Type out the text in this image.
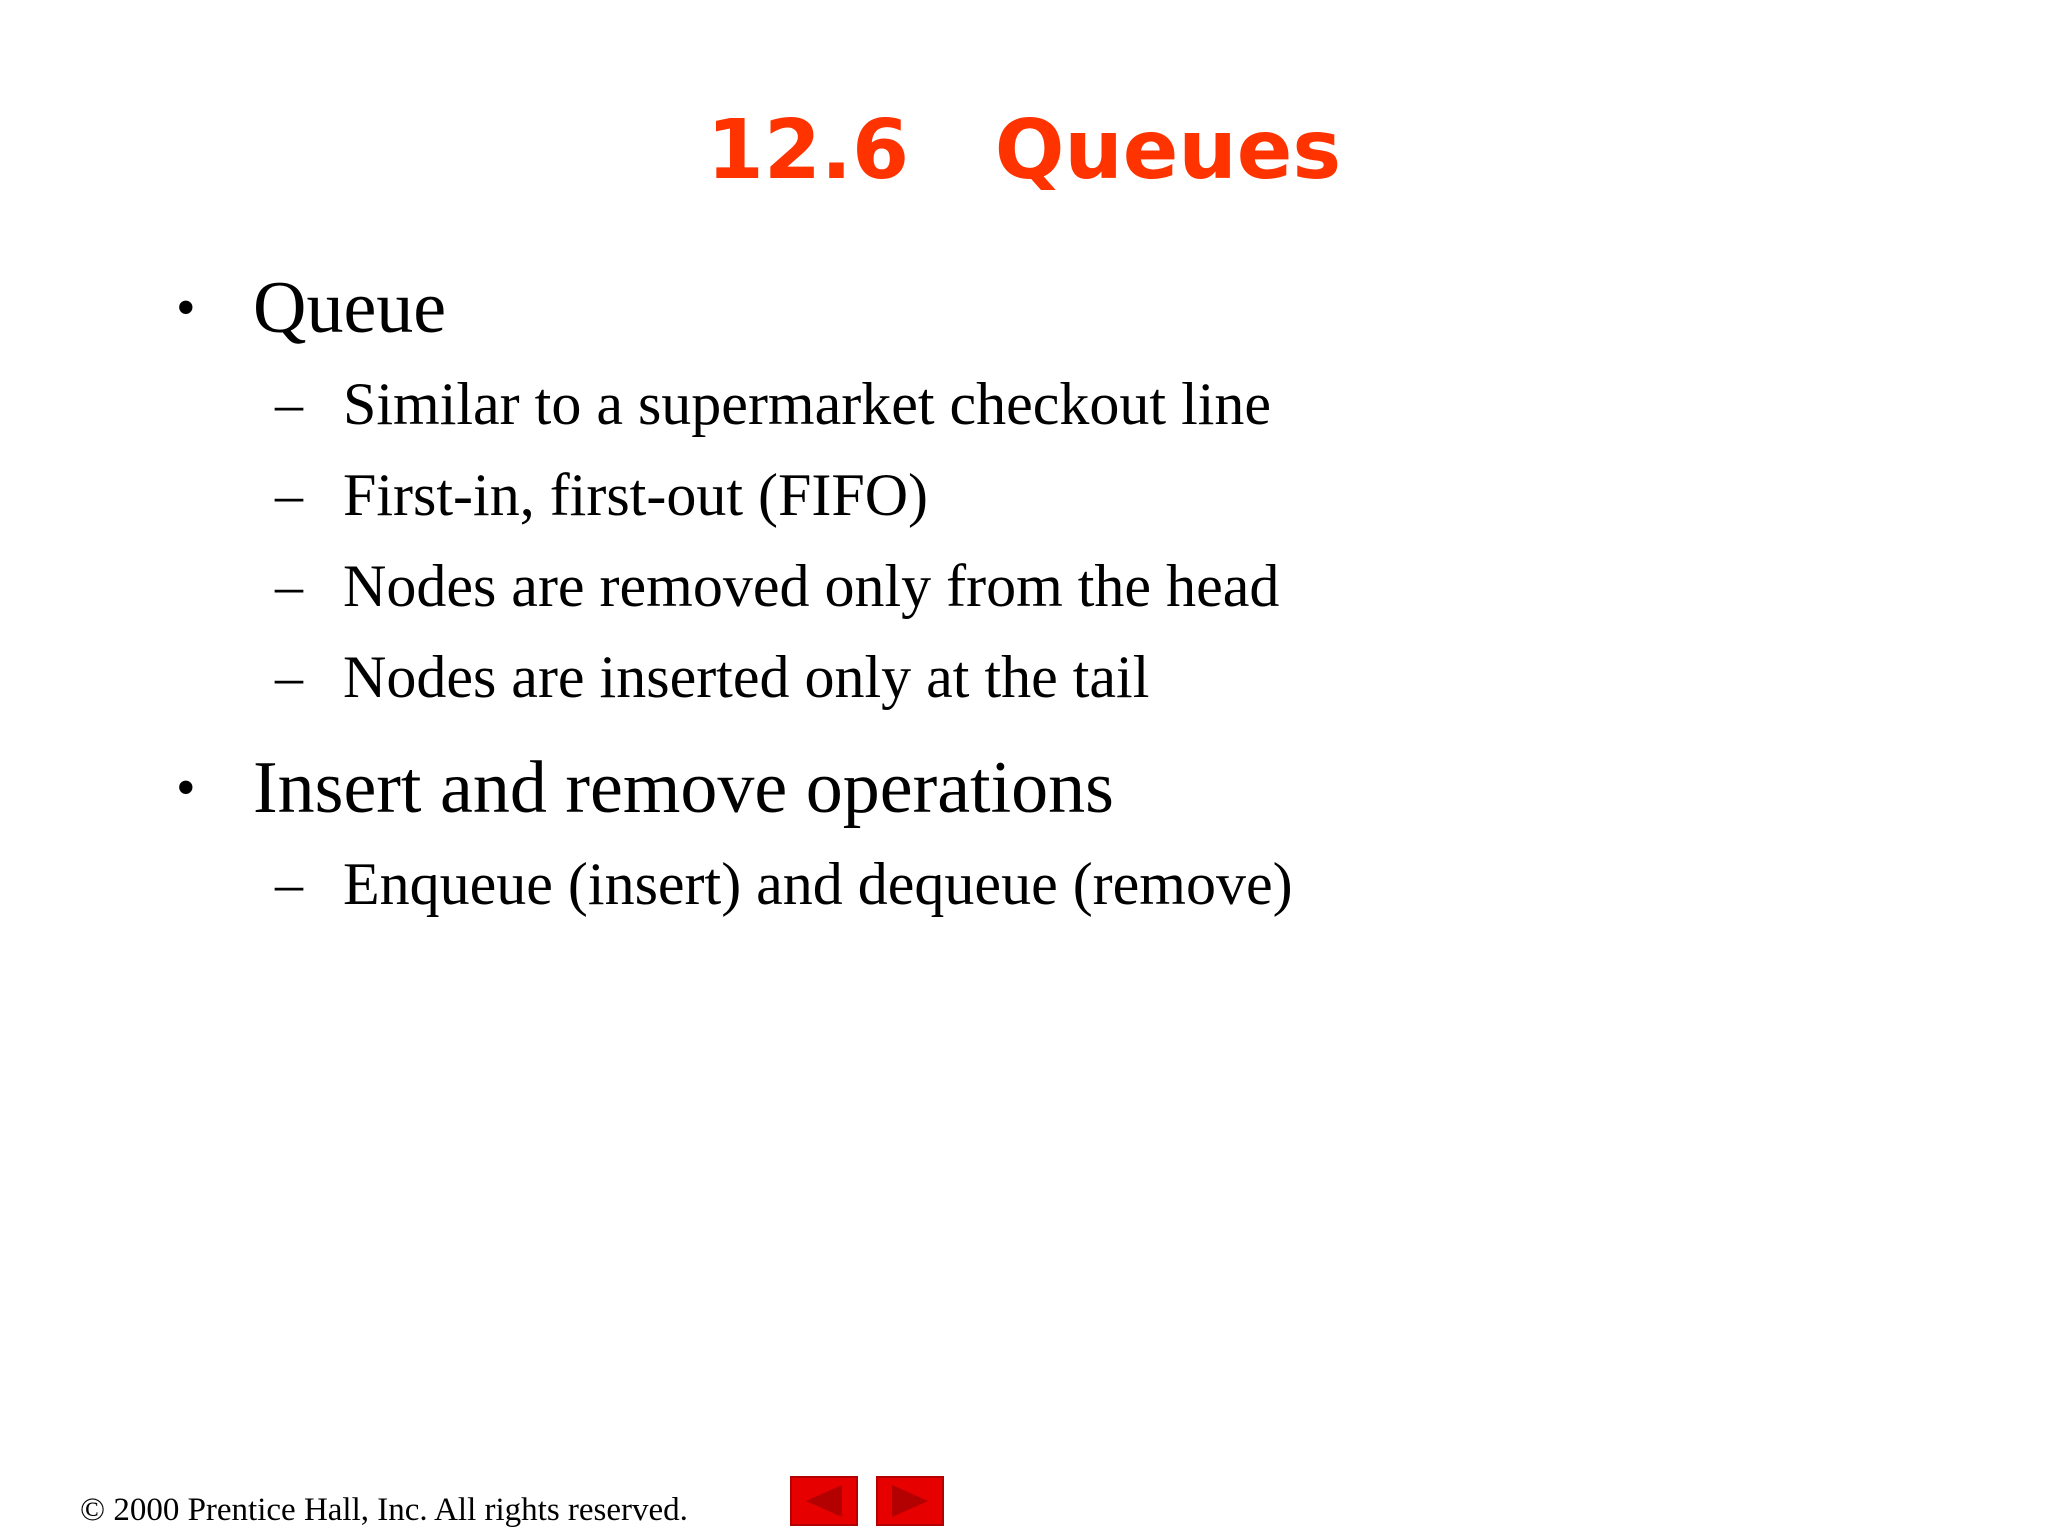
12.6   Queues
• Queue
– Similar to a supermarket checkout line
– First-in, first-out (FIFO)
– Nodes are removed only from the head
– Nodes are inserted only at the tail
• Insert and remove operations
– Enqueue (insert) and dequeue (remove)
© 2000 Prentice Hall, Inc. All rights reserved.
